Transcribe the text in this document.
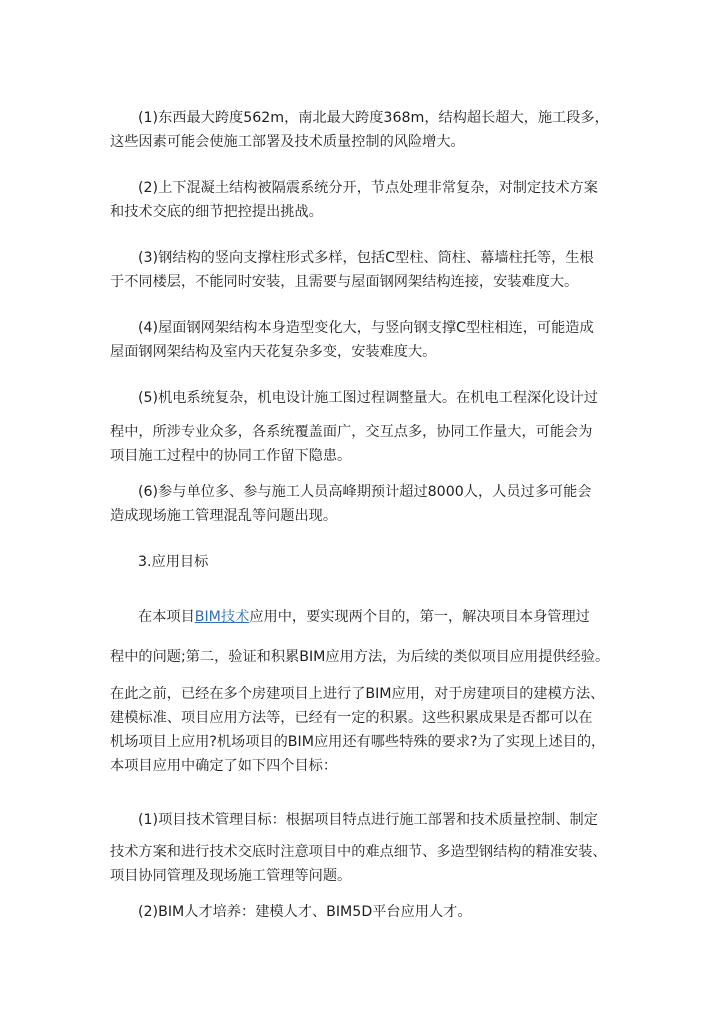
(1)东西最大跨度562m，南北最大跨度368m，结构超长超大，施工段多，
这些因素可能会使施工部署及技术质量控制的风险增大。
(2)上下混凝土结构被隔震系统分开，节点处理非常复杂，对制定技术方案
和技术交底的细节把控提出挑战。
(3)钢结构的竖向支撑柱形式多样，包括C型柱、筒柱、幕墙柱托等，生根
于不同楼层，不能同时安装，且需要与屋面钢网架结构连接，安装难度大。
(4)屋面钢网架结构本身造型变化大，与竖向钢支撑C型柱相连，可能造成
屋面钢网架结构及室内天花复杂多变，安装难度大。
(5)机电系统复杂，机电设计施工图过程调整量大。在机电工程深化设计过
程中，所涉专业众多，各系统覆盖面广，交互点多，协同工作量大，可能会为
项目施工过程中的协同工作留下隐患。
(6)参与单位多、参与施工人员高峰期预计超过8000人，人员过多可能会
造成现场施工管理混乱等问题出现。
3.应用目标
在本项目BIM技术应用中，要实现两个目的，第一，解决项目本身管理过
程中的问题;第二，验证和积累BIM应用方法，为后续的类似项目应用提供经验。
在此之前，已经在多个房建项目上进行了BIM应用，对于房建项目的建模方法、
建模标准、项目应用方法等，已经有一定的积累。这些积累成果是否都可以在
机场项目上应用?机场项目的BIM应用还有哪些特殊的要求?为了实现上述目的，
本项目应用中确定了如下四个目标：
(1)项目技术管理目标：根据项目特点进行施工部署和技术质量控制、制定
技术方案和进行技术交底时注意项目中的难点细节、多造型钢结构的精准安装、
项目协同管理及现场施工管理等问题。
(2)BIM人才培养：建模人才、BIM5D平台应用人才。
